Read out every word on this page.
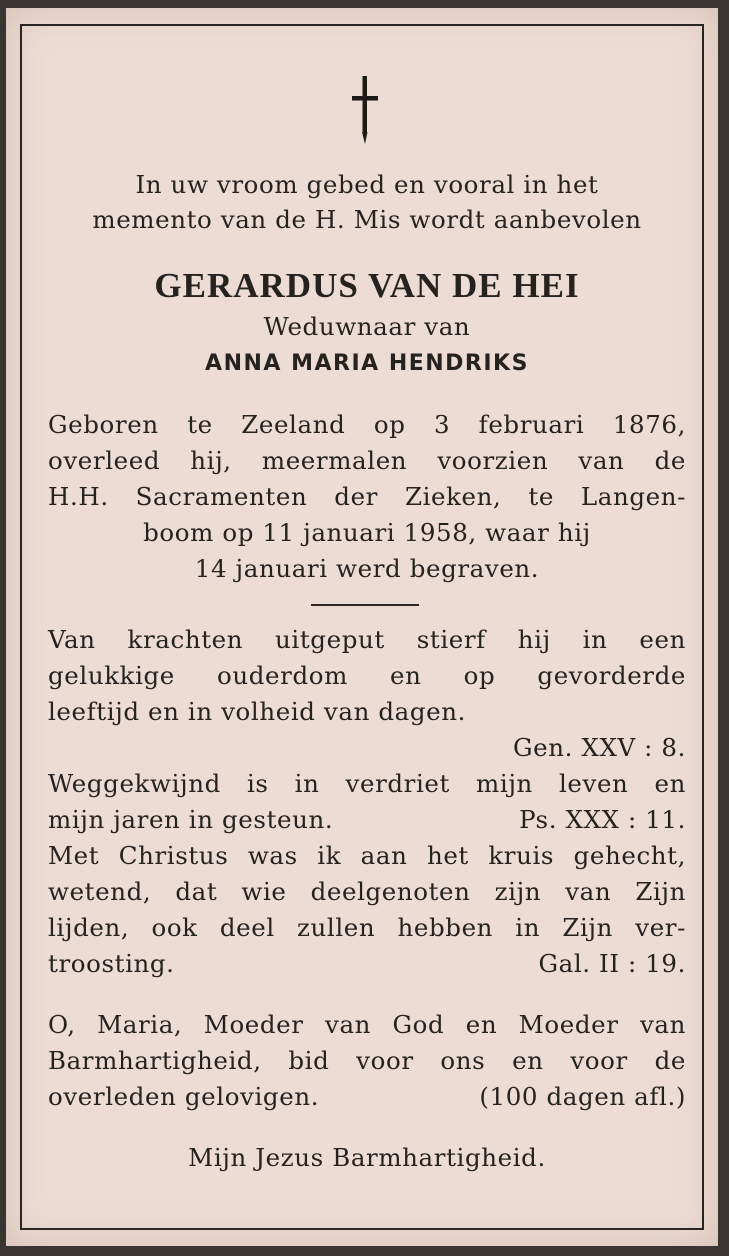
In uw vroom gebed en vooral in het

memento van de H. Mis wordt aanbevolen

GERARDUS VAN DE HEI

Weduwnaar van

ANNA MARIA HENDRIKS

Geboren te Zeeland op 3 februari 1876,

overleed hij, meermalen voorzien van de

H.H. Sacramenten der Zieken, te Langen-

boom op 11 januari 1958, waar hij

14 januari werd begraven.

Van krachten uitgeput stierf hij in een

gelukkige ouderdom en op gevorderde

leeftijd en in volheid van dagen.

Gen. XXV : 8.

Weggekwijnd is in verdriet mijn leven en

mijn jaren in gesteun.	Ps. XXX : 11.

Met Christus was ik aan het kruis gehecht,

wetend, dat wie deelgenoten zijn van Zijn

lijden, ook deel zullen hebben in Zijn ver-

troosting.	Gal. II : 19.

O, Maria, Moeder van God en Moeder van

Barmhartigheid, bid voor ons en voor de

overleden gelovigen.	(100 dagen afl.)

Mijn Jezus Barmhartigheid.
